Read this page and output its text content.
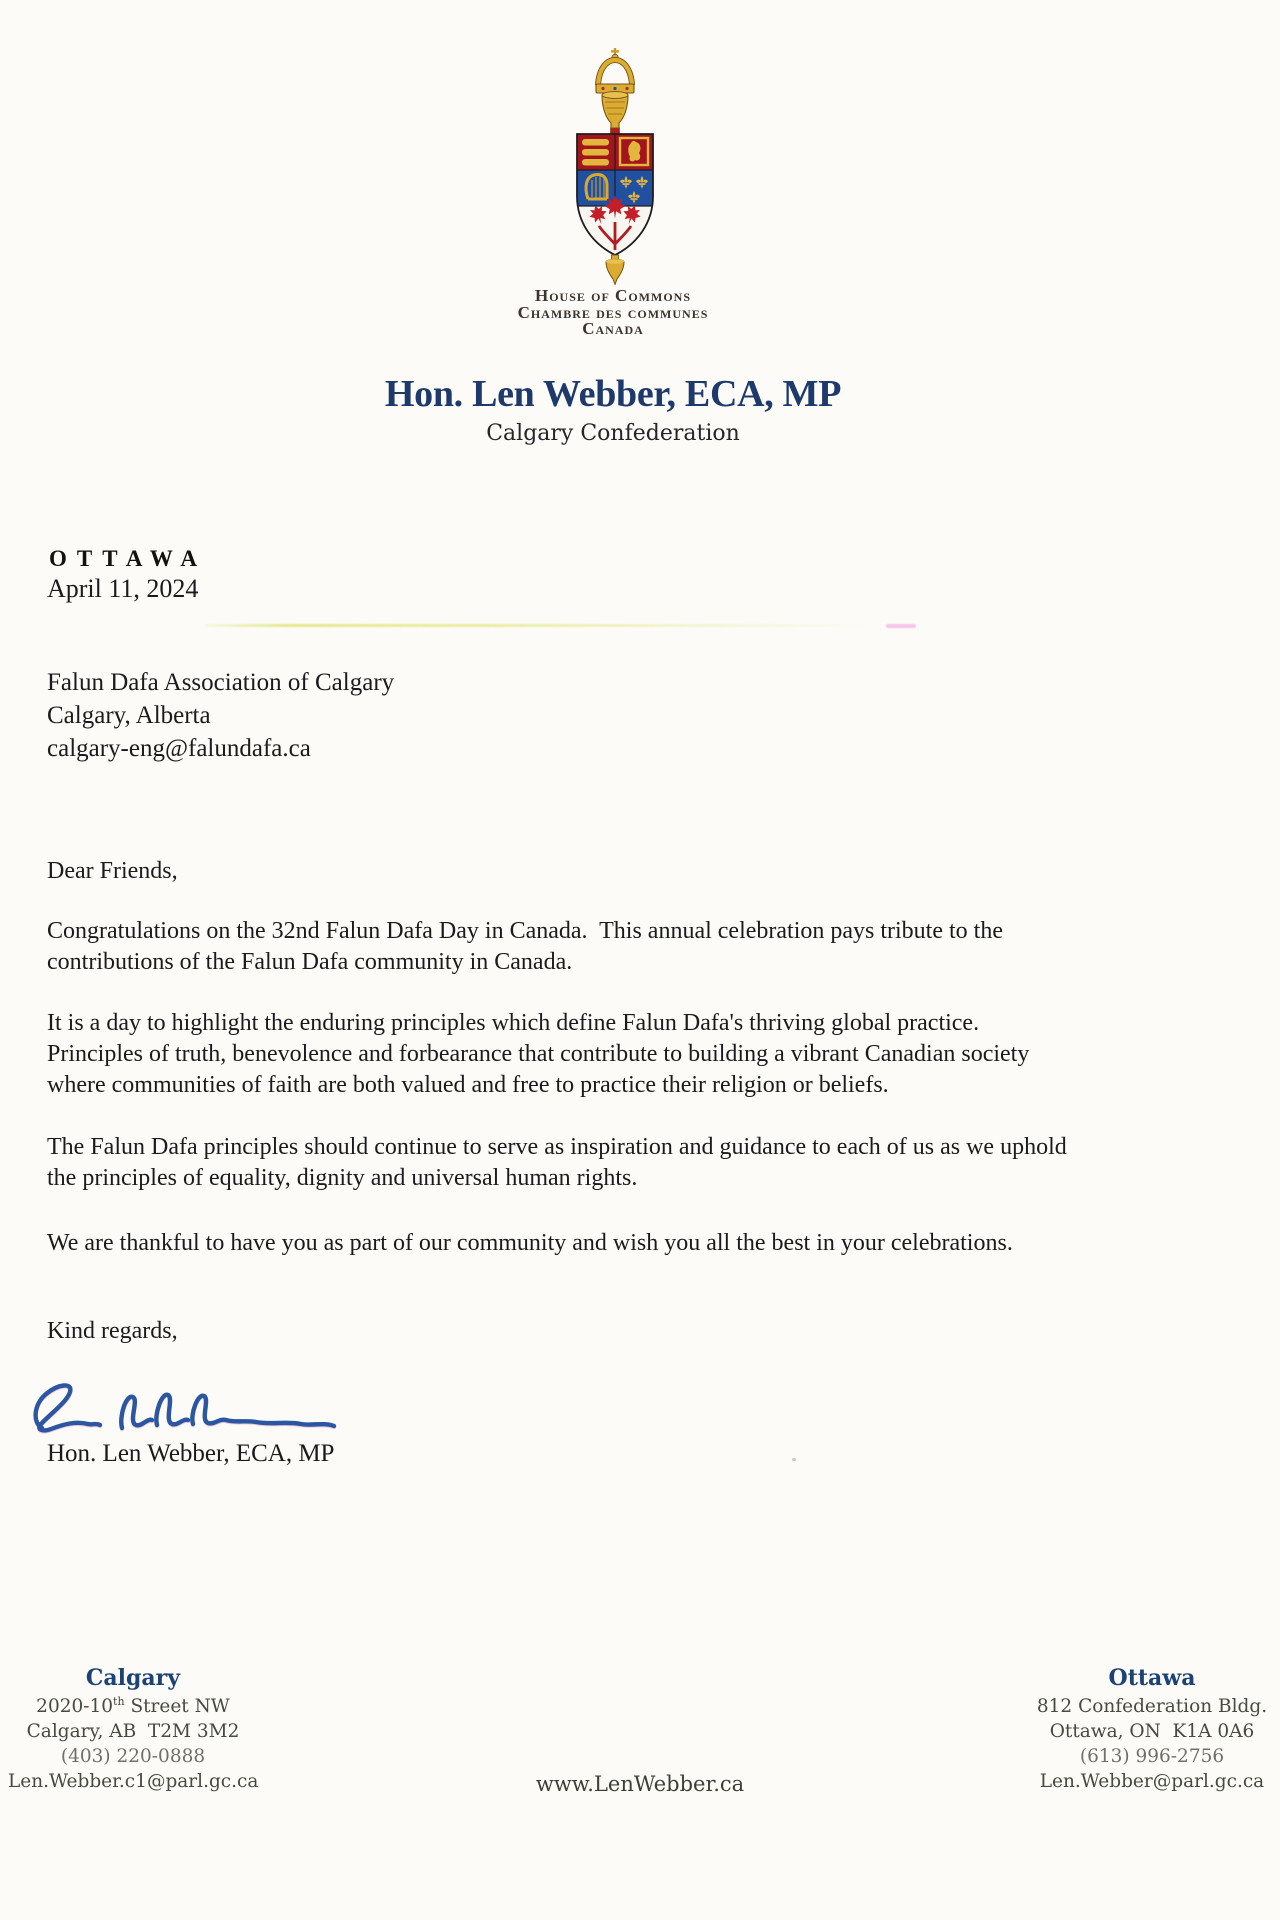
House of Commons
Chambre des communes
Canada
Hon. Len Webber, ECA, MP
Calgary Confederation
OTTAWA
April 11, 2024
Falun Dafa Association of Calgary
Calgary, Alberta
calgary-eng@falundafa.ca
Dear Friends,
Congratulations on the 32nd Falun Dafa Day in Canada.  This annual celebration pays tribute to the
contributions of the Falun Dafa community in Canada.
It is a day to highlight the enduring principles which define Falun Dafa's thriving global practice.
Principles of truth, benevolence and forbearance that contribute to building a vibrant Canadian society
where communities of faith are both valued and free to practice their religion or beliefs.
The Falun Dafa principles should continue to serve as inspiration and guidance to each of us as we uphold
the principles of equality, dignity and universal human rights.
We are thankful to have you as part of our community and wish you all the best in your celebrations.
Kind regards,
Hon. Len Webber, ECA, MP
Calgary
2020-10th Street NW
Calgary, AB  T2M 3M2
(403) 220-0888
Len.Webber.c1@parl.gc.ca
Ottawa
812 Confederation Bldg.
Ottawa, ON  K1A 0A6
(613) 996-2756
Len.Webber@parl.gc.ca
www.LenWebber.ca
